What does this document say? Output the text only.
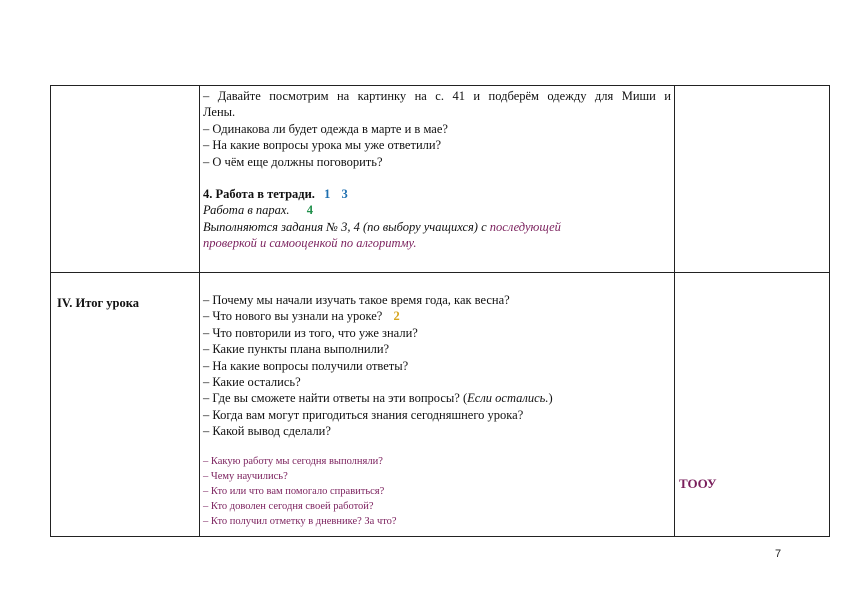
– Давайте посмотрим на картинку на с. 41 и подберём одежду для Миши и
Лены.
– Одинакова ли будет одежда в марте и в мае?
– На какие вопросы урока мы уже ответили?
– О чём еще должны поговорить?
4. Работа в тетради. 1 3
Работа в парах. 4
Выполняются задания № 3, 4 (по выбору учащихся) с последующей
проверкой и самооценкой по алгоритму.
IV. Итог урока	– Почему мы начали изучать такое время года, как весна?
– Что нового вы узнали на уроке? 2
– Что повторили из того, что уже знали?
– Какие пункты плана выполнили?
– На какие вопросы получили ответы?
– Какие остались?
– Где вы сможете найти ответы на эти вопросы? (Если остались.)
– Когда вам могут пригодиться знания сегодняшнего урока?
– Какой вывод сделали?
– Какую работу мы сегодня выполняли?
– Чему научились?
– Кто или что вам помогало справиться?
– Кто доволен сегодня своей работой?
– Кто получил отметку в дневнике? За что?
ТООУ
7
